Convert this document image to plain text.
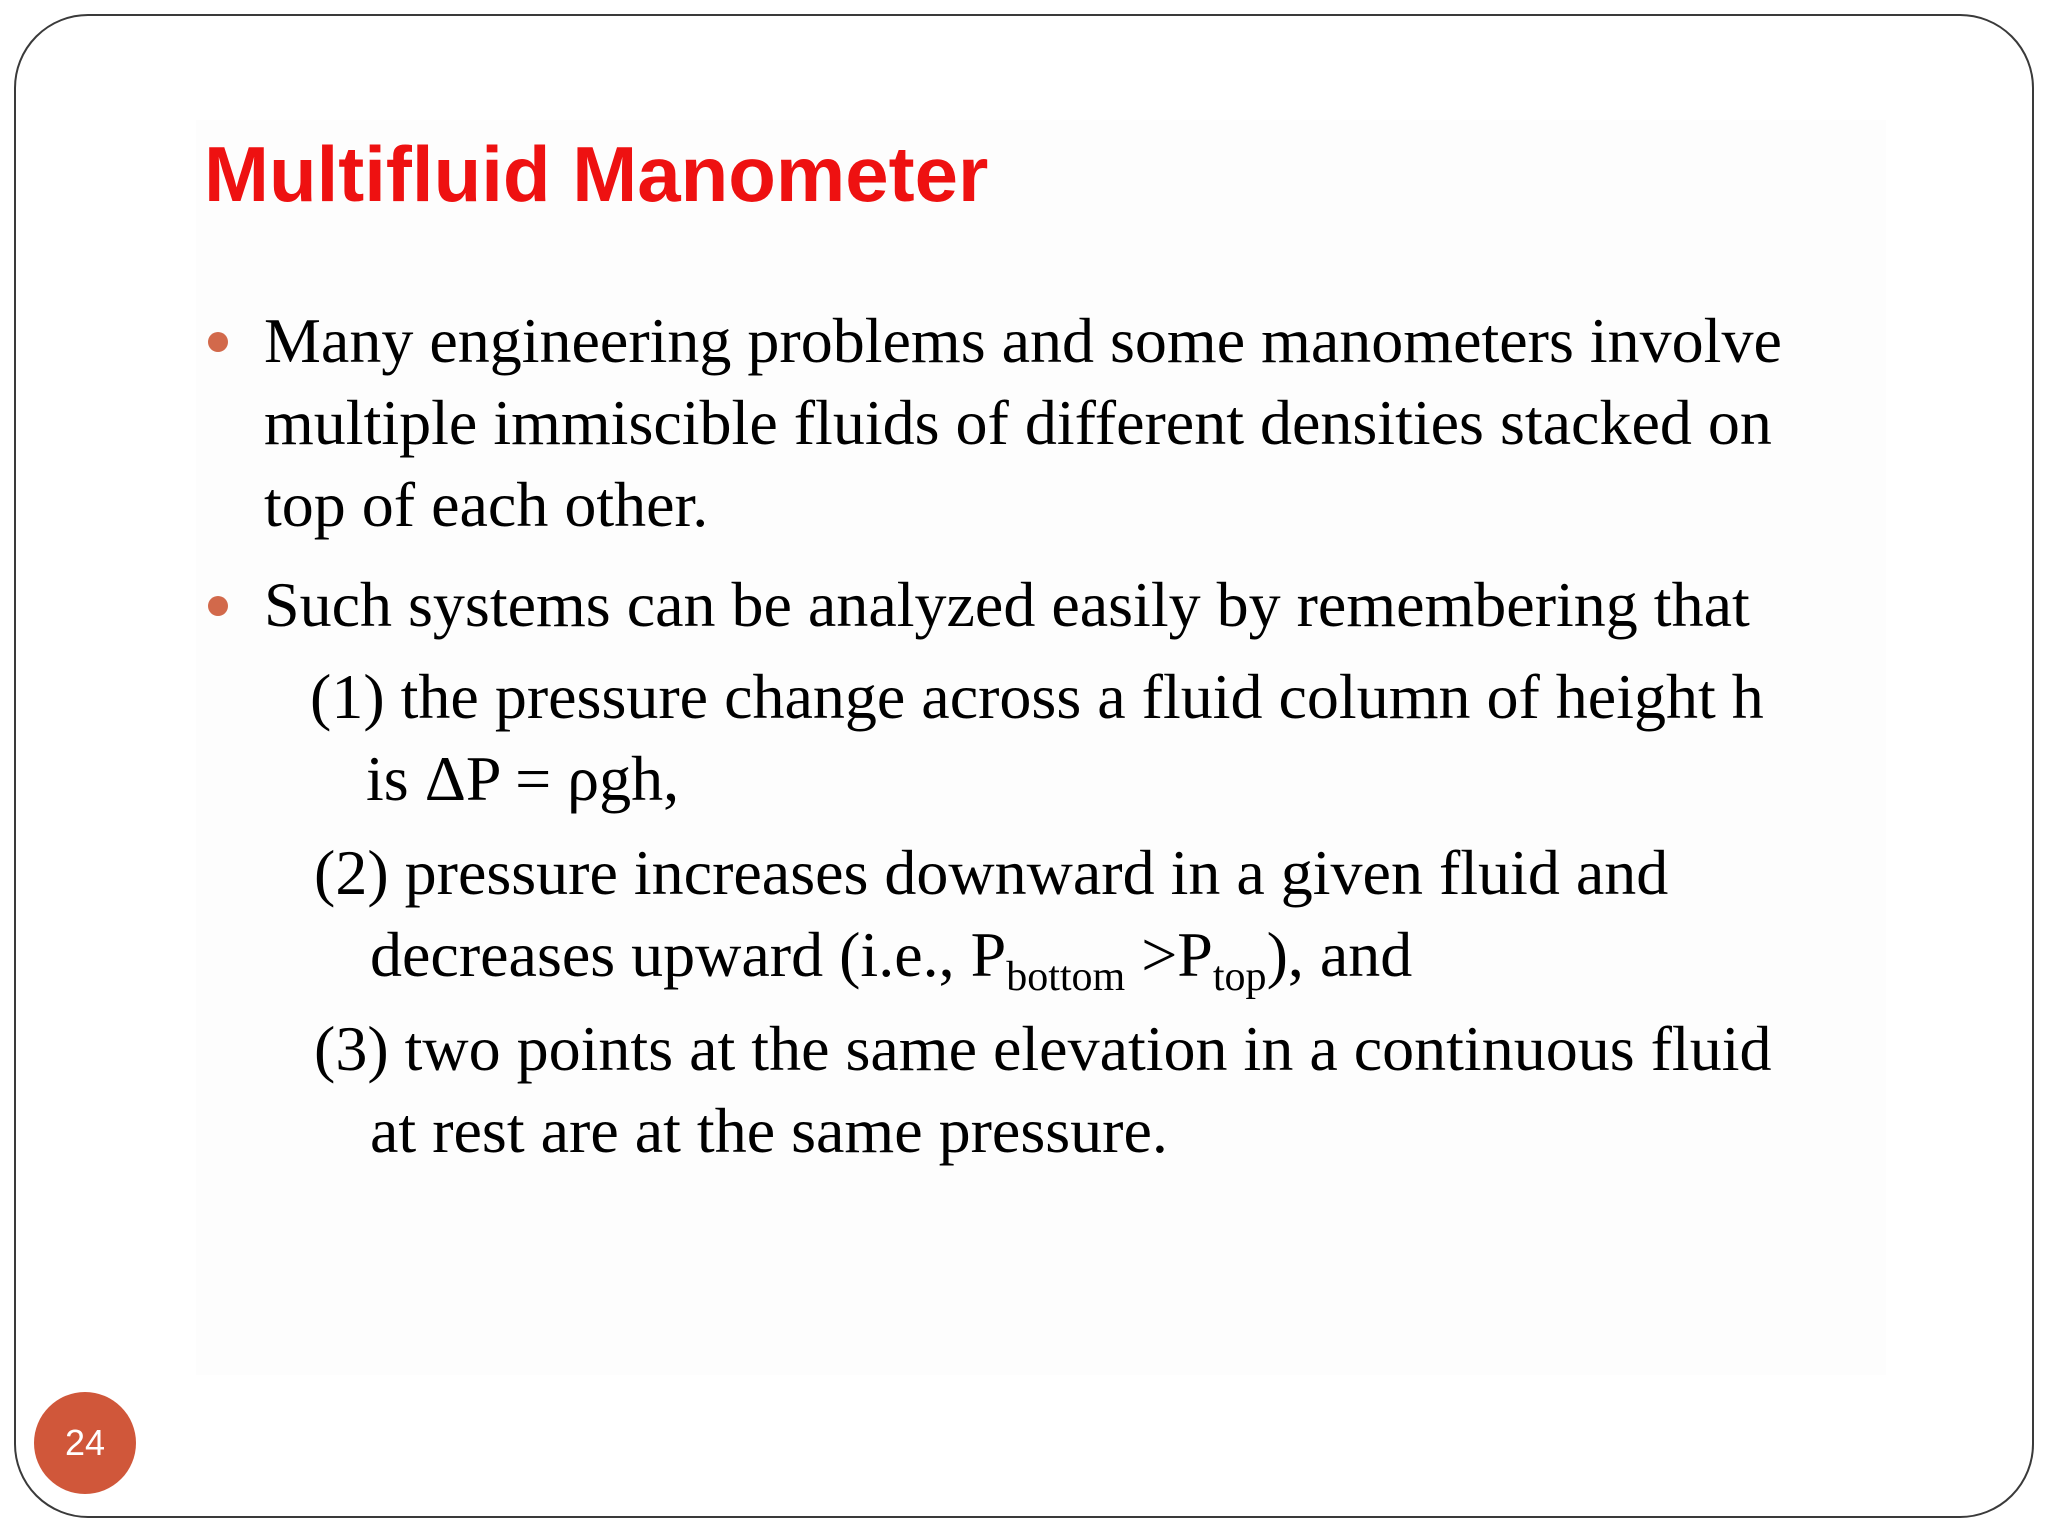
Multifluid Manometer
Many engineering problems and some manometers involve
multiple immiscible fluids of different densities stacked on
top of each other.
Such systems can be analyzed easily by remembering that
(1) the pressure change across a fluid column of height h
is ΔP = ρgh,
(2) pressure increases downward in a given fluid and
decreases upward (i.e., $P_{bottom} >P_{top}$), and
(3) two points at the same elevation in a continuous fluid
at rest are at the same pressure.
24
